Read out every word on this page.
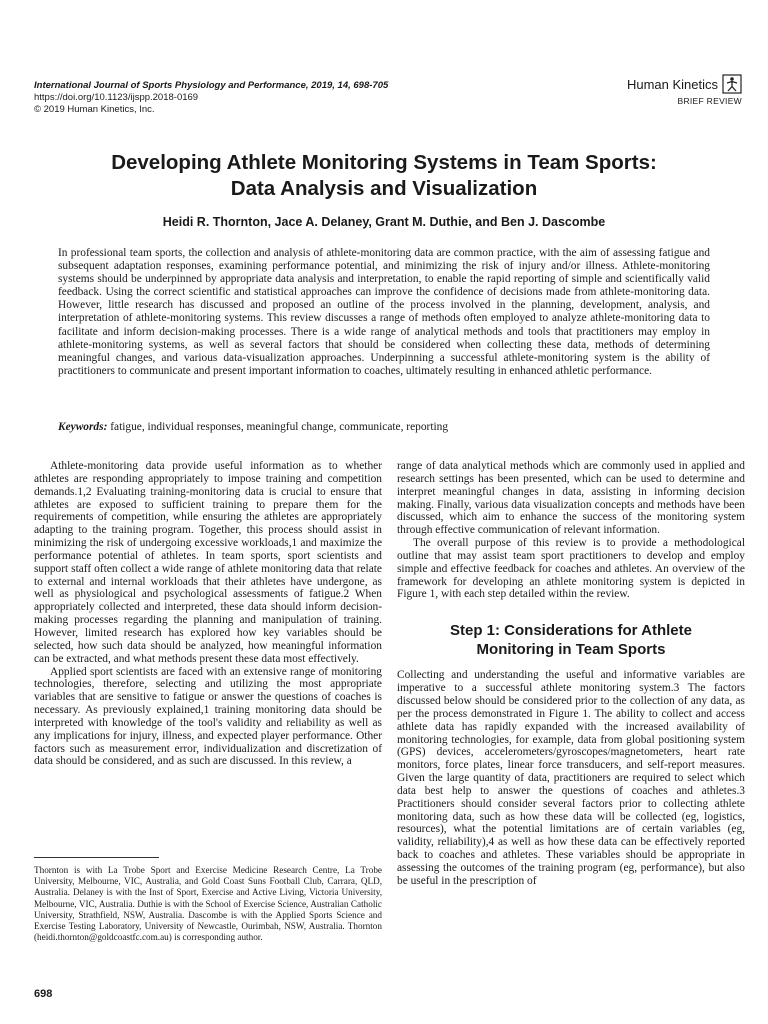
International Journal of Sports Physiology and Performance, 2019, 14, 698-705
https://doi.org/10.1123/ijspp.2018-0169
© 2019 Human Kinetics, Inc.
Human Kinetics
BRIEF REVIEW
Developing Athlete Monitoring Systems in Team Sports:
Data Analysis and Visualization
Heidi R. Thornton, Jace A. Delaney, Grant M. Duthie, and Ben J. Dascombe

In professional team sports, the collection and analysis of athlete-monitoring data are common practice, with the aim of assessing fatigue and subsequent adaptation responses, examining performance potential, and minimizing the risk of injury and/or illness. Athlete-monitoring systems should be underpinned by appropriate data analysis and interpretation, to enable the rapid reporting of simple and scientifically valid feedback. Using the correct scientific and statistical approaches can improve the confidence of decisions made from athlete-monitoring data. However, little research has discussed and proposed an outline of the process involved in the planning, development, analysis, and interpretation of athlete-monitoring systems. This review discusses a range of methods often employed to analyze athlete-monitoring data to facilitate and inform decision-making processes. There is a wide range of analytical methods and tools that practitioners may employ in athlete-monitoring systems, as well as several factors that should be considered when collecting these data, methods of determining meaningful changes, and various data-visualization approaches. Underpinning a successful athlete-monitoring system is the ability of practitioners to communicate and present important information to coaches, ultimately resulting in enhanced athletic performance.

Keywords: fatigue, individual responses, meaningful change, communicate, reporting

Athlete-monitoring data provide useful information as to whether athletes are responding appropriately to impose training and competition demands.1,2 Evaluating training-monitoring data is crucial to ensure that athletes are exposed to sufficient training to prepare them for the requirements of competition, while ensuring the athletes are appropriately adapting to the training program. Together, this process should assist in minimizing the risk of undergoing excessive workloads,1 and maximize the performance potential of athletes. In team sports, sport scientists and support staff often collect a wide range of athlete monitoring data that relate to external and internal workloads that their athletes have undergone, as well as physiological and psychological assessments of fatigue.2 When appropriately collected and interpreted, these data should inform decision-making processes regarding the planning and manipulation of training. However, limited research has explored how key variables should be selected, how such data should be analyzed, how meaningful information can be extracted, and what methods present these data most effectively.

Applied sport scientists are faced with an extensive range of monitoring technologies, therefore, selecting and utilizing the most appropriate variables that are sensitive to fatigue or answer the questions of coaches is necessary. As previously explained,1 training monitoring data should be interpreted with knowledge of the tool's validity and reliability as well as any implications for injury, illness, and expected player performance. Other factors such as measurement error, individualization and discretization of data should be considered, and as such are discussed. In this review, a

range of data analytical methods which are commonly used in applied and research settings has been presented, which can be used to determine and interpret meaningful changes in data, assisting in informing decision making. Finally, various data visualization concepts and methods have been discussed, which aim to enhance the success of the monitoring system through effective communication of relevant information.

The overall purpose of this review is to provide a methodological outline that may assist team sport practitioners to develop and employ simple and effective feedback for coaches and athletes. An overview of the framework for developing an athlete monitoring system is depicted in Figure 1, with each step detailed within the review.

Step 1: Considerations for Athlete
Monitoring in Team Sports

Collecting and understanding the useful and informative variables are imperative to a successful athlete monitoring system.3 The factors discussed below should be considered prior to the collection of any data, as per the process demonstrated in Figure 1. The ability to collect and access athlete data has rapidly expanded with the increased availability of monitoring technologies, for example, data from global positioning system (GPS) devices, accelerometers/gyroscopes/magnetometers, heart rate monitors, force plates, linear force transducers, and self-report measures. Given the large quantity of data, practitioners are required to select which data best help to answer the questions of coaches and athletes.3 Practitioners should consider several factors prior to collecting athlete monitoring data, such as how these data will be collected (eg, logistics, resources), what the potential limitations are of certain variables (eg, validity, reliability),4 as well as how these data can be effectively reported back to coaches and athletes. These variables should be appropriate in assessing the outcomes of the training program (eg, performance), but also be useful in the prescription of

Thornton is with La Trobe Sport and Exercise Medicine Research Centre, La Trobe University, Melbourne, VIC, Australia, and Gold Coast Suns Football Club, Carrara, QLD, Australia. Delaney is with the Inst of Sport, Exercise and Active Living, Victoria University, Melbourne, VIC, Australia. Duthie is with the School of Exercise Science, Australian Catholic University, Strathfield, NSW, Australia. Dascombe is with the Applied Sports Science and Exercise Testing Laboratory, University of Newcastle, Ourimbah, NSW, Australia. Thornton (heidi.thornton@goldcoastfc.com.au) is corresponding author.
698
